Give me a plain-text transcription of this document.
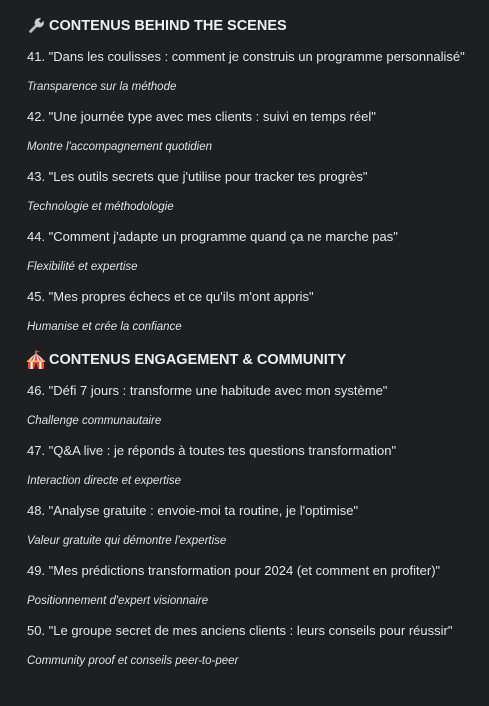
CONTENUS BEHIND THE SCENES
41. "Dans les coulisses : comment je construis un programme personnalisé"
Transparence sur la méthode
42. "Une journée type avec mes clients : suivi en temps réel"
Montre l'accompagnement quotidien
43. "Les outils secrets que j'utilise pour tracker tes progrès"
Technologie et méthodologie
44. "Comment j'adapte un programme quand ça ne marche pas"
Flexibilité et expertise
45. "Mes propres échecs et ce qu'ils m'ont appris"
Humanise et crée la confiance
CONTENUS ENGAGEMENT & COMMUNITY
46. "Défi 7 jours : transforme une habitude avec mon système"
Challenge communautaire
47. "Q&A live : je réponds à toutes tes questions transformation"
Interaction directe et expertise
48. "Analyse gratuite : envoie-moi ta routine, je l'optimise"
Valeur gratuite qui démontre l'expertise
49. "Mes prédictions transformation pour 2024 (et comment en profiter)"
Positionnement d'expert visionnaire
50. "Le groupe secret de mes anciens clients : leurs conseils pour réussir"
Community proof et conseils peer-to-peer
